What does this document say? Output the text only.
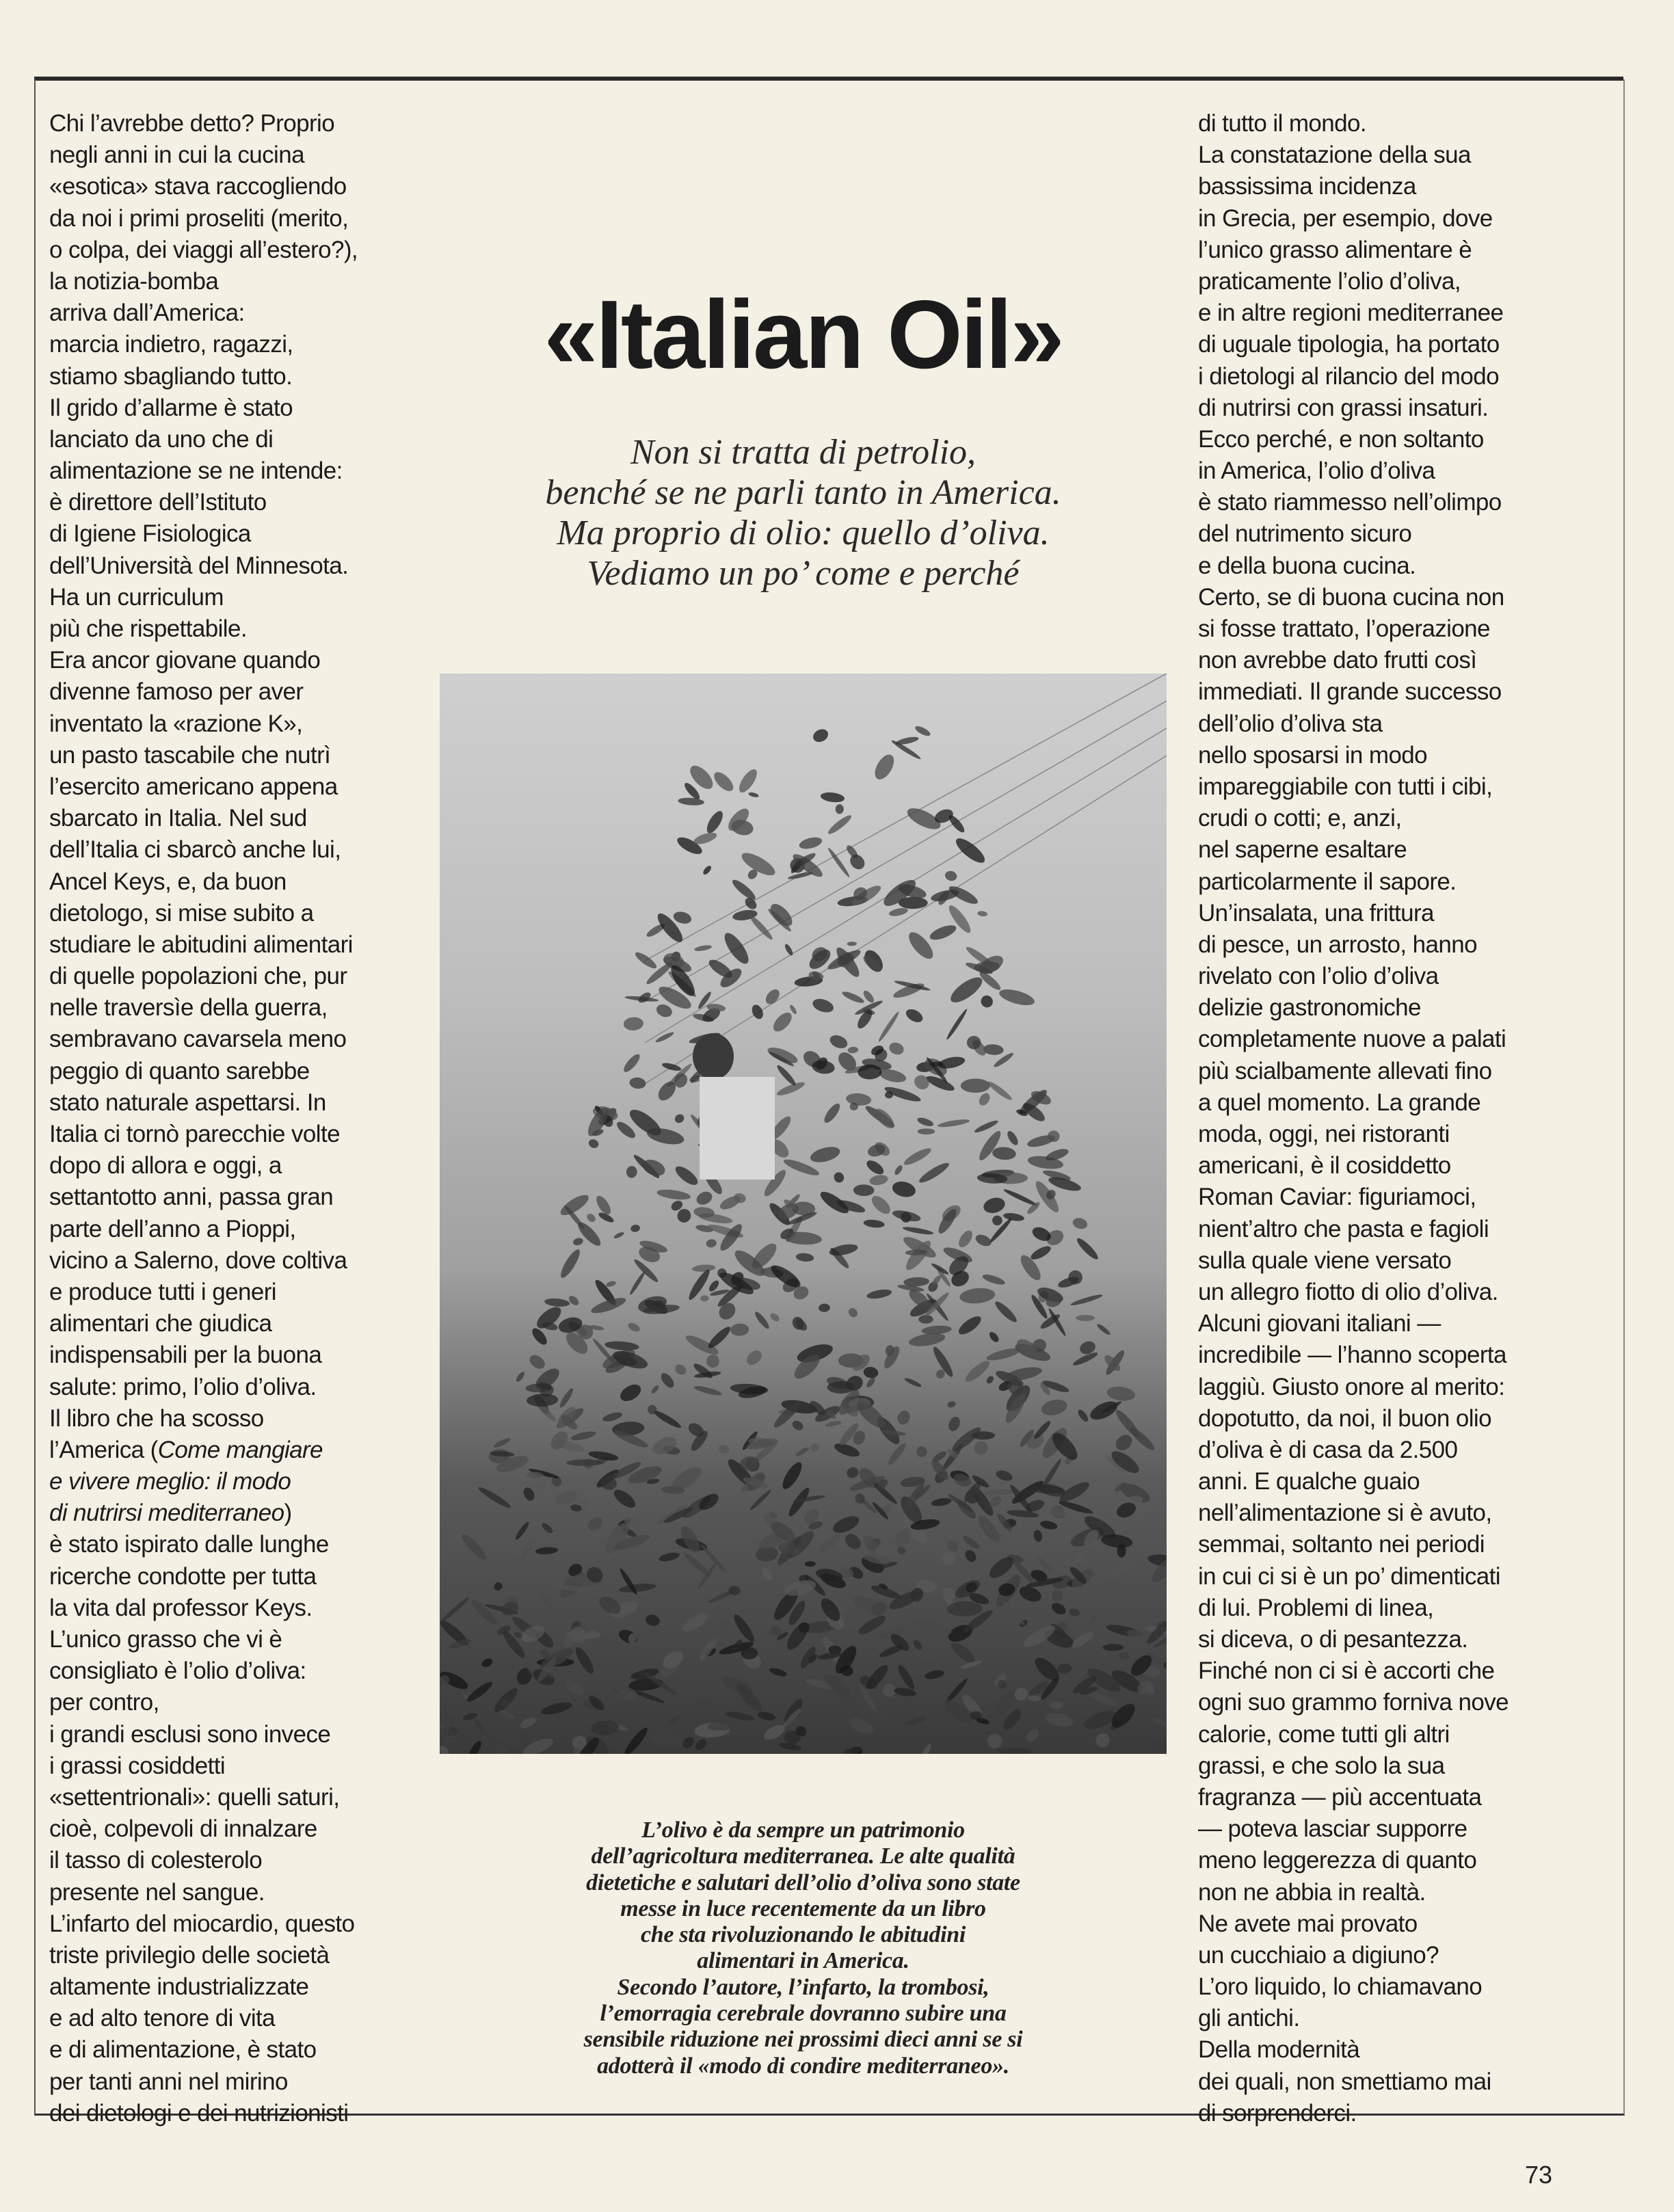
Chi l’avrebbe detto? Proprio
negli anni in cui la cucina
«esotica» stava raccogliendo
da noi i primi proseliti (merito,
o colpa, dei viaggi all’estero?),
la notizia-bomba
arriva dall’America:
marcia indietro, ragazzi,
stiamo sbagliando tutto.
Il grido d’allarme è stato
lanciato da uno che di
alimentazione se ne intende:
è direttore dell’Istituto
di Igiene Fisiologica
dell’Università del Minnesota.
Ha un curriculum
più che rispettabile.
Era ancor giovane quando
divenne famoso per aver
inventato la «razione K»,
un pasto tascabile che nutrì
l’esercito americano appena
sbarcato in Italia. Nel sud
dell’Italia ci sbarcò anche lui,
Ancel Keys, e, da buon
dietologo, si mise subito a
studiare le abitudini alimentari
di quelle popolazioni che, pur
nelle traversìe della guerra,
sembravano cavarsela meno
peggio di quanto sarebbe
stato naturale aspettarsi. In
Italia ci tornò parecchie volte
dopo di allora e oggi, a
settantotto anni, passa gran
parte dell’anno a Pioppi,
vicino a Salerno, dove coltiva
e produce tutti i generi
alimentari che giudica
indispensabili per la buona
salute: primo, l’olio d’oliva.
Il libro che ha scosso
l’America (Come mangiare
e vivere meglio: il modo
di nutrirsi mediterraneo)
è stato ispirato dalle lunghe
ricerche condotte per tutta
la vita dal professor Keys.
L’unico grasso che vi è
consigliato è l’olio d’oliva:
per contro,
i grandi esclusi sono invece
i grassi cosiddetti
«settentrionali»: quelli saturi,
cioè, colpevoli di innalzare
il tasso di colesterolo
presente nel sangue.
L’infarto del miocardio, questo
triste privilegio delle società
altamente industrializzate
e ad alto tenore di vita
e di alimentazione, è stato
per tanti anni nel mirino
dei dietologi e dei nutrizionisti
«Italian Oil»
Non si tratta di petrolio,
benché se ne parli tanto in America.
Ma proprio di olio: quello d’oliva.
Vediamo un po’ come e perché
L’olivo è da sempre un patrimonio
dell’agricoltura mediterranea. Le alte qualità
dietetiche e salutari dell’olio d’oliva sono state
messe in luce recentemente da un libro
che sta rivoluzionando le abitudini
alimentari in America.
Secondo l’autore, l’infarto, la trombosi,
l’emorragia cerebrale dovranno subire una
sensibile riduzione nei prossimi dieci anni se si
adotterà il «modo di condire mediterraneo».
di tutto il mondo.
La constatazione della sua
bassissima incidenza
in Grecia, per esempio, dove
l’unico grasso alimentare è
praticamente l’olio d’oliva,
e in altre regioni mediterranee
di uguale tipologia, ha portato
i dietologi al rilancio del modo
di nutrirsi con grassi insaturi.
Ecco perché, e non soltanto
in America, l’olio d’oliva
è stato riammesso nell’olimpo
del nutrimento sicuro
e della buona cucina.
Certo, se di buona cucina non
si fosse trattato, l’operazione
non avrebbe dato frutti così
immediati. Il grande successo
dell’olio d’oliva sta
nello sposarsi in modo
impareggiabile con tutti i cibi,
crudi o cotti; e, anzi,
nel saperne esaltare
particolarmente il sapore.
Un’insalata, una frittura
di pesce, un arrosto, hanno
rivelato con l’olio d’oliva
delizie gastronomiche
completamente nuove a palati
più scialbamente allevati fino
a quel momento. La grande
moda, oggi, nei ristoranti
americani, è il cosiddetto
Roman Caviar: figuriamoci,
nient’altro che pasta e fagioli
sulla quale viene versato
un allegro fiotto di olio d’oliva.
Alcuni giovani italiani —
incredibile — l’hanno scoperta
laggiù. Giusto onore al merito:
dopotutto, da noi, il buon olio
d’oliva è di casa da 2.500
anni. E qualche guaio
nell’alimentazione si è avuto,
semmai, soltanto nei periodi
in cui ci si è un po’ dimenticati
di lui. Problemi di linea,
si diceva, o di pesantezza.
Finché non ci si è accorti che
ogni suo grammo forniva nove
calorie, come tutti gli altri
grassi, e che solo la sua
fragranza — più accentuata
— poteva lasciar supporre
meno leggerezza di quanto
non ne abbia in realtà.
Ne avete mai provato
un cucchiaio a digiuno?
L’oro liquido, lo chiamavano
gli antichi.
Della modernità
dei quali, non smettiamo mai
di sorprenderci.
73
